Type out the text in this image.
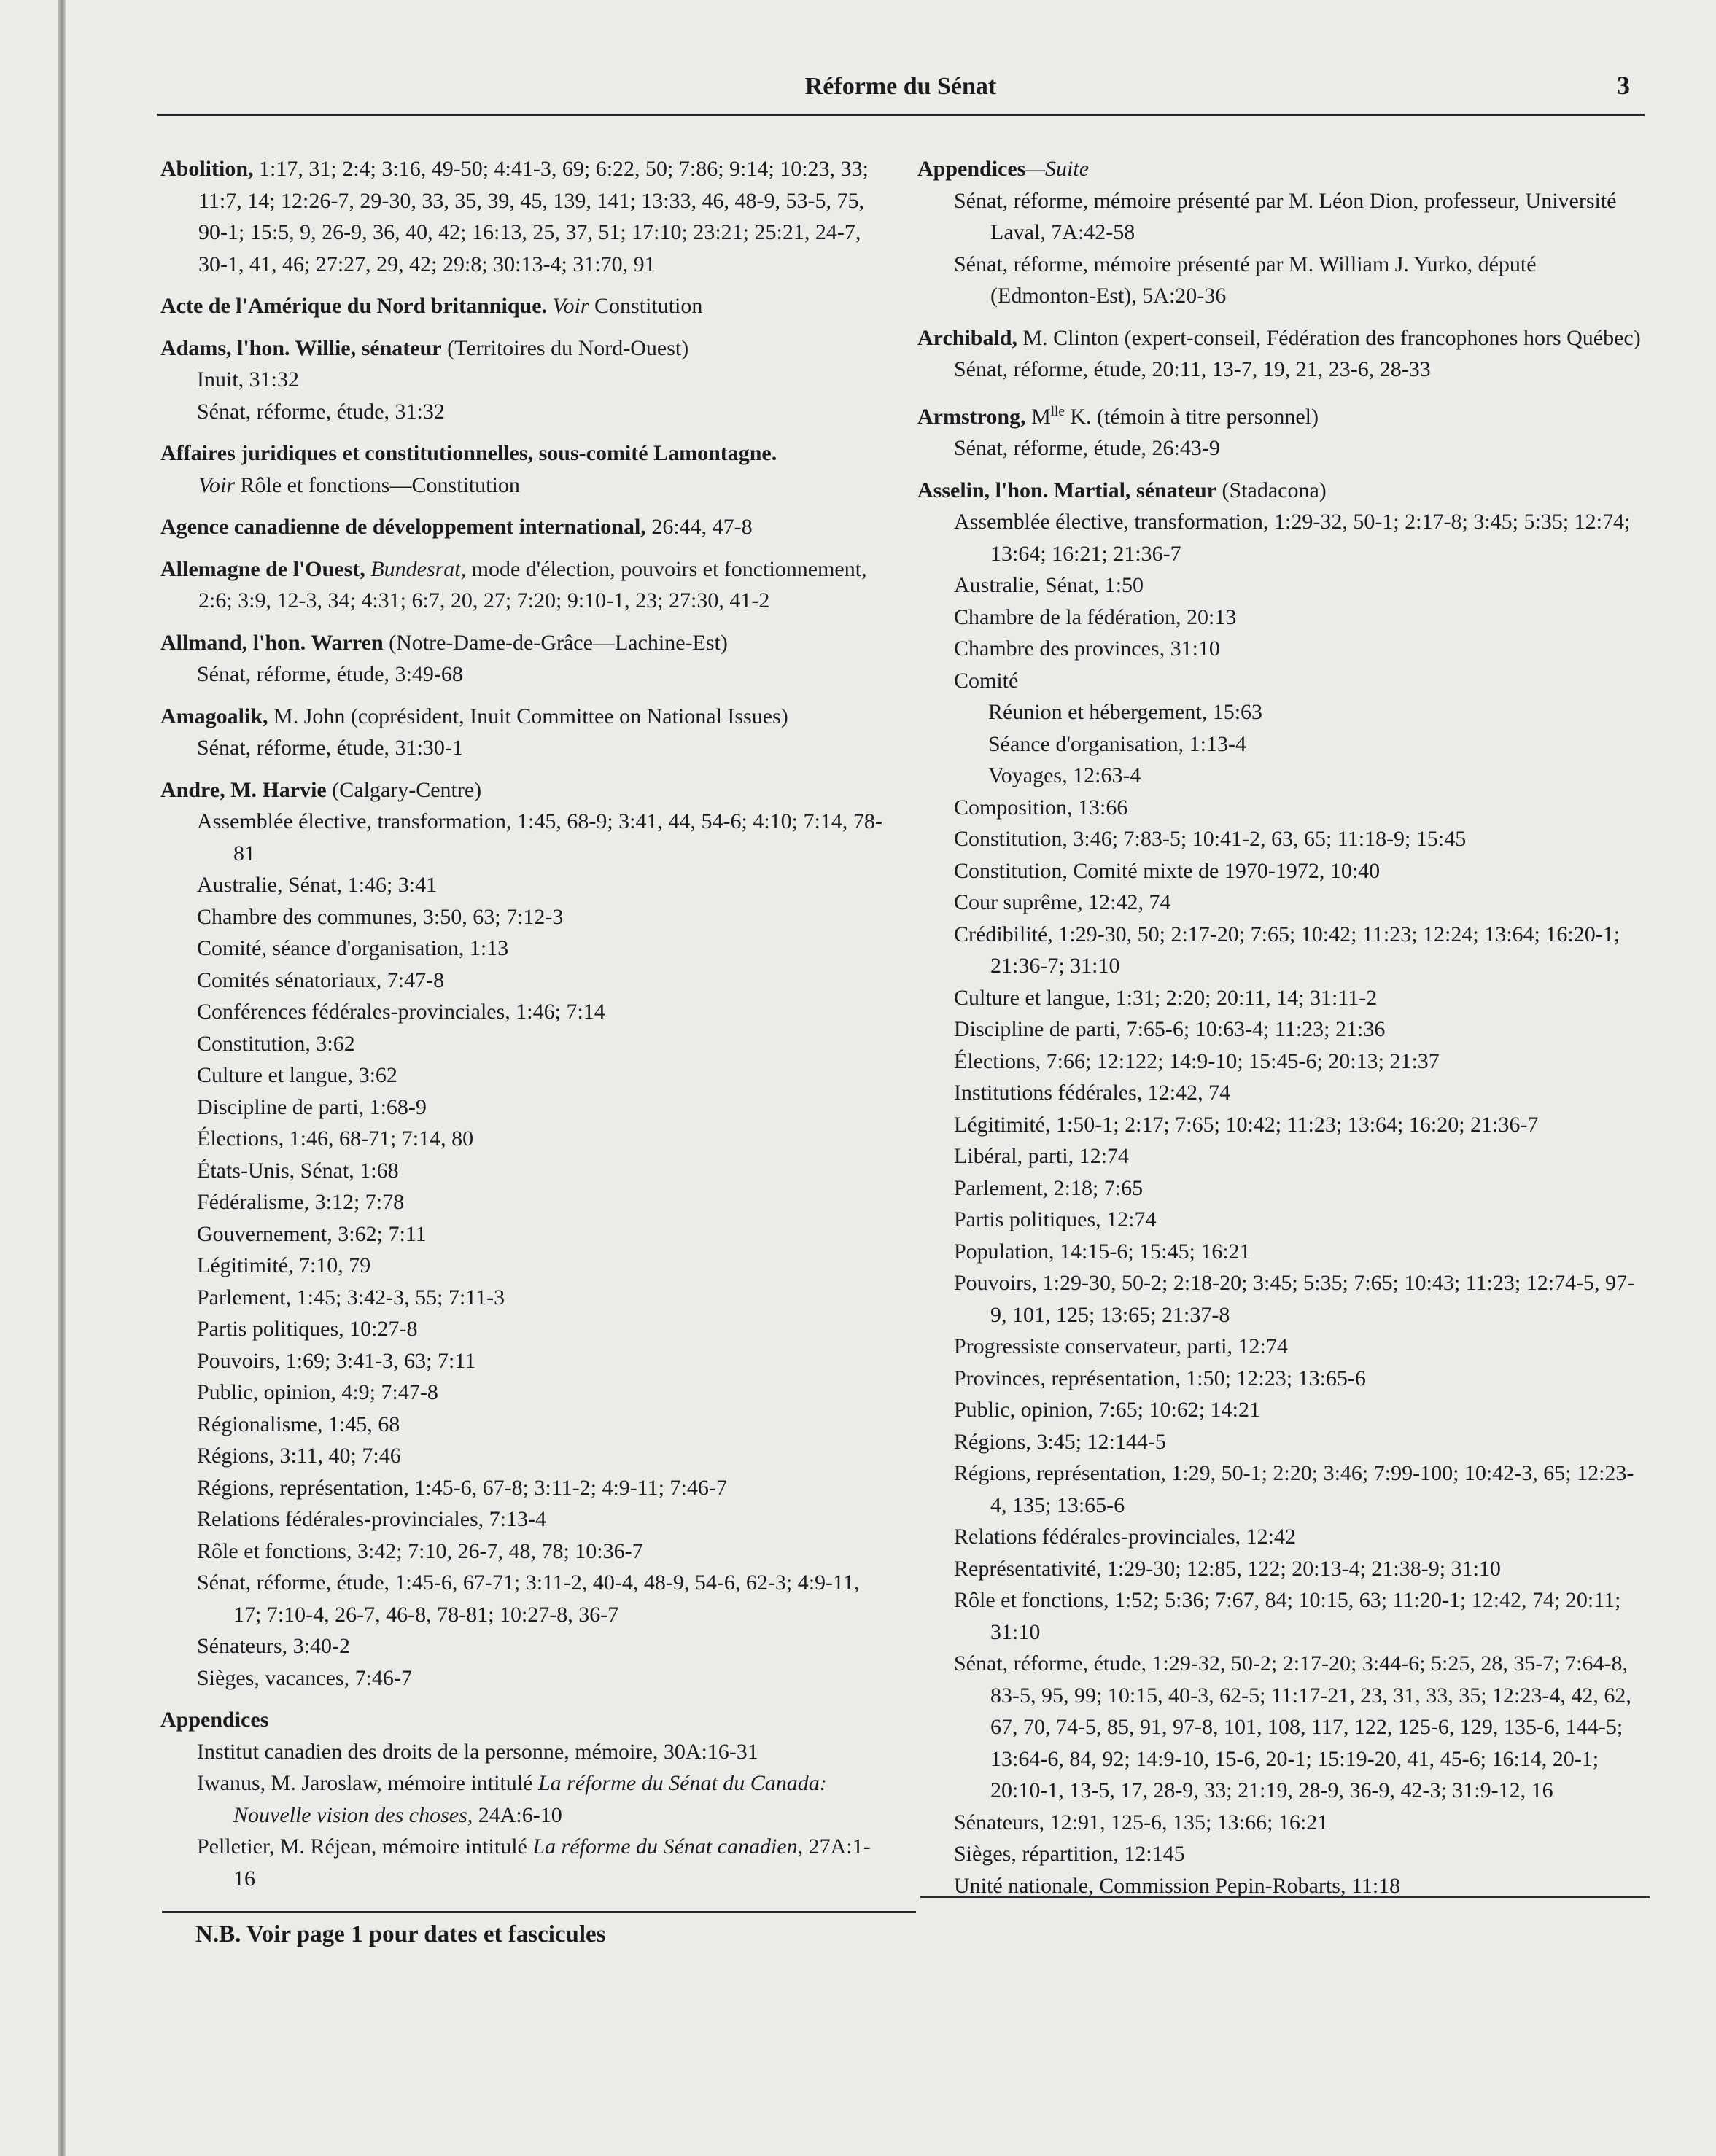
Réforme du Sénat	3
Abolition, 1:17, 31; 2:4; 3:16, 49-50; 4:41-3, 69; 6:22, 50; 7:86; 9:14; 10:23, 33; 11:7, 14; 12:26-7, 29-30, 33, 35, 39, 45, 139, 141; 13:33, 46, 48-9, 53-5, 75, 90-1; 15:5, 9, 26-9, 36, 40, 42; 16:13, 25, 37, 51; 17:10; 23:21; 25:21, 24-7, 30-1, 41, 46; 27:27, 29, 42; 29:8; 30:13-4; 31:70, 91
Acte de l'Amérique du Nord britannique. Voir Constitution
Adams, l'hon. Willie, sénateur (Territoires du Nord-Ouest)
Inuit, 31:32
Sénat, réforme, étude, 31:32
Affaires juridiques et constitutionnelles, sous-comité Lamontagne.
Voir Rôle et fonctions—Constitution
Agence canadienne de développement international, 26:44, 47-8
Allemagne de l'Ouest, Bundesrat, mode d'élection, pouvoirs et fonctionnement, 2:6; 3:9, 12-3, 34; 4:31; 6:7, 20, 27; 7:20; 9:10-1, 23; 27:30, 41-2
Allmand, l'hon. Warren (Notre-Dame-de-Grâce—Lachine-Est)
Sénat, réforme, étude, 3:49-68
Amagoalik, M. John (coprésident, Inuit Committee on National Issues)
Sénat, réforme, étude, 31:30-1
Andre, M. Harvie (Calgary-Centre)
Assemblée élective, transformation, 1:45, 68-9; 3:41, 44, 54-6; 4:10; 7:14, 78-81
Australie, Sénat, 1:46; 3:41
Chambre des communes, 3:50, 63; 7:12-3
Comité, séance d'organisation, 1:13
Comités sénatoriaux, 7:47-8
Conférences fédérales-provinciales, 1:46; 7:14
Constitution, 3:62
Culture et langue, 3:62
Discipline de parti, 1:68-9
Élections, 1:46, 68-71; 7:14, 80
États-Unis, Sénat, 1:68
Fédéralisme, 3:12; 7:78
Gouvernement, 3:62; 7:11
Légitimité, 7:10, 79
Parlement, 1:45; 3:42-3, 55; 7:11-3
Partis politiques, 10:27-8
Pouvoirs, 1:69; 3:41-3, 63; 7:11
Public, opinion, 4:9; 7:47-8
Régionalisme, 1:45, 68
Régions, 3:11, 40; 7:46
Régions, représentation, 1:45-6, 67-8; 3:11-2; 4:9-11; 7:46-7
Relations fédérales-provinciales, 7:13-4
Rôle et fonctions, 3:42; 7:10, 26-7, 48, 78; 10:36-7
Sénat, réforme, étude, 1:45-6, 67-71; 3:11-2, 40-4, 48-9, 54-6, 62-3; 4:9-11, 17; 7:10-4, 26-7, 46-8, 78-81; 10:27-8, 36-7
Sénateurs, 3:40-2
Sièges, vacances, 7:46-7
Appendices
Institut canadien des droits de la personne, mémoire, 30A:16-31
Iwanus, M. Jaroslaw, mémoire intitulé La réforme du Sénat du Canada: Nouvelle vision des choses, 24A:6-10
Pelletier, M. Réjean, mémoire intitulé La réforme du Sénat canadien, 27A:1-16
Appendices—Suite
Sénat, réforme, mémoire présenté par M. Léon Dion, professeur, Université Laval, 7A:42-58
Sénat, réforme, mémoire présenté par M. William J. Yurko, député (Edmonton-Est), 5A:20-36
Archibald, M. Clinton (expert-conseil, Fédération des francophones hors Québec)
Sénat, réforme, étude, 20:11, 13-7, 19, 21, 23-6, 28-33
Armstrong, $M^{lle}$ K. (témoin à titre personnel)
Sénat, réforme, étude, 26:43-9
Asselin, l'hon. Martial, sénateur (Stadacona)
Assemblée élective, transformation, 1:29-32, 50-1; 2:17-8; 3:45; 5:35; 12:74; 13:64; 16:21; 21:36-7
Australie, Sénat, 1:50
Chambre de la fédération, 20:13
Chambre des provinces, 31:10
Comité
Réunion et hébergement, 15:63
Séance d'organisation, 1:13-4
Voyages, 12:63-4
Composition, 13:66
Constitution, 3:46; 7:83-5; 10:41-2, 63, 65; 11:18-9; 15:45
Constitution, Comité mixte de 1970-1972, 10:40
Cour suprême, 12:42, 74
Crédibilité, 1:29-30, 50; 2:17-20; 7:65; 10:42; 11:23; 12:24; 13:64; 16:20-1; 21:36-7; 31:10
Culture et langue, 1:31; 2:20; 20:11, 14; 31:11-2
Discipline de parti, 7:65-6; 10:63-4; 11:23; 21:36
Élections, 7:66; 12:122; 14:9-10; 15:45-6; 20:13; 21:37
Institutions fédérales, 12:42, 74
Légitimité, 1:50-1; 2:17; 7:65; 10:42; 11:23; 13:64; 16:20; 21:36-7
Libéral, parti, 12:74
Parlement, 2:18; 7:65
Partis politiques, 12:74
Population, 14:15-6; 15:45; 16:21
Pouvoirs, 1:29-30, 50-2; 2:18-20; 3:45; 5:35; 7:65; 10:43; 11:23; 12:74-5, 97-9, 101, 125; 13:65; 21:37-8
Progressiste conservateur, parti, 12:74
Provinces, représentation, 1:50; 12:23; 13:65-6
Public, opinion, 7:65; 10:62; 14:21
Régions, 3:45; 12:144-5
Régions, représentation, 1:29, 50-1; 2:20; 3:46; 7:99-100; 10:42-3, 65; 12:23-4, 135; 13:65-6
Relations fédérales-provinciales, 12:42
Représentativité, 1:29-30; 12:85, 122; 20:13-4; 21:38-9; 31:10
Rôle et fonctions, 1:52; 5:36; 7:67, 84; 10:15, 63; 11:20-1; 12:42, 74; 20:11; 31:10
Sénat, réforme, étude, 1:29-32, 50-2; 2:17-20; 3:44-6; 5:25, 28, 35-7; 7:64-8, 83-5, 95, 99; 10:15, 40-3, 62-5; 11:17-21, 23, 31, 33, 35; 12:23-4, 42, 62, 67, 70, 74-5, 85, 91, 97-8, 101, 108, 117, 122, 125-6, 129, 135-6, 144-5; 13:64-6, 84, 92; 14:9-10, 15-6, 20-1; 15:19-20, 41, 45-6; 16:14, 20-1; 20:10-1, 13-5, 17, 28-9, 33; 21:19, 28-9, 36-9, 42-3; 31:9-12, 16
Sénateurs, 12:91, 125-6, 135; 13:66; 16:21
Sièges, répartition, 12:145
Unité nationale, Commission Pepin-Robarts, 11:18
N.B. Voir page 1 pour dates et fascicules
